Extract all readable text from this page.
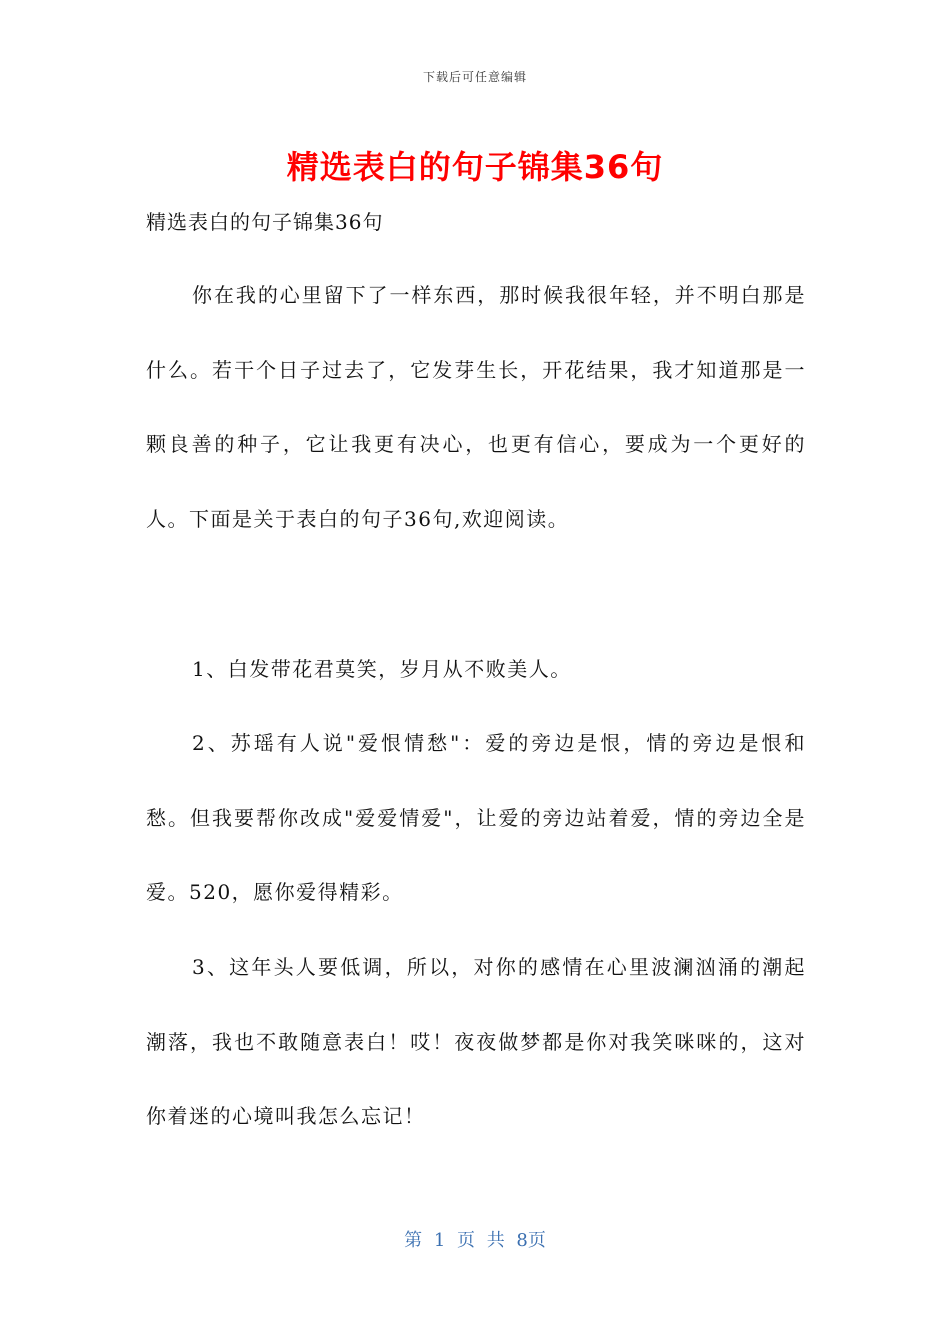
下载后可任意编辑
精选表白的句子锦集36句
精选表白的句子锦集36句

你在我的心里留下了一样东西，那时候我很年轻，并不明白那是什么。若干个日子过去了，它发芽生长，开花结果，我才知道那是一颗良善的种子，它让我更有决心，也更有信心，要成为一个更好的人。下面是关于表白的句子36句,欢迎阅读。

1、白发带花君莫笑，岁月从不败美人。

2、苏瑶有人说"爱恨情愁"：爱的旁边是恨，情的旁边是恨和愁。但我要帮你改成"爱爱情爱"，让爱的旁边站着爱，情的旁边全是爱。520，愿你爱得精彩。

3、这年头人要低调，所以，对你的感情在心里波澜汹涌的潮起潮落，我也不敢随意表白！哎！夜夜做梦都是你对我笑咪咪的，这对你着迷的心境叫我怎么忘记！

第 1 页 共 8页
